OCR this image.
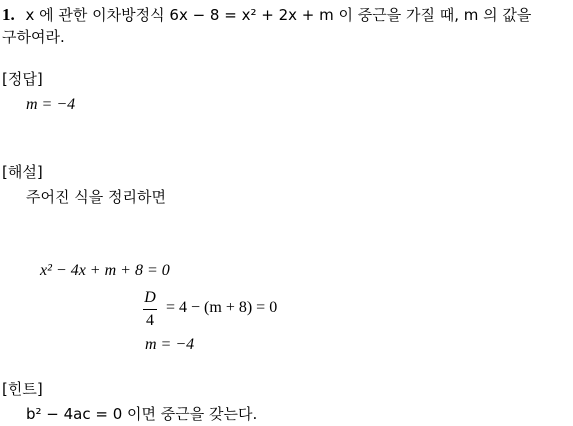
1. x 에 관한 이차방정식 6x − 8 = x² + 2x + m 이 중근을 가질 때, m 의 값을
구하여라.
[정답]
m = −4
[해설]
주어진 식을 정리하면
x² − 4x + m + 8 = 0
D
4
= 4 − (m + 8) = 0
m = −4
[힌트]
b² − 4ac = 0 이면 중근을 갖는다.
